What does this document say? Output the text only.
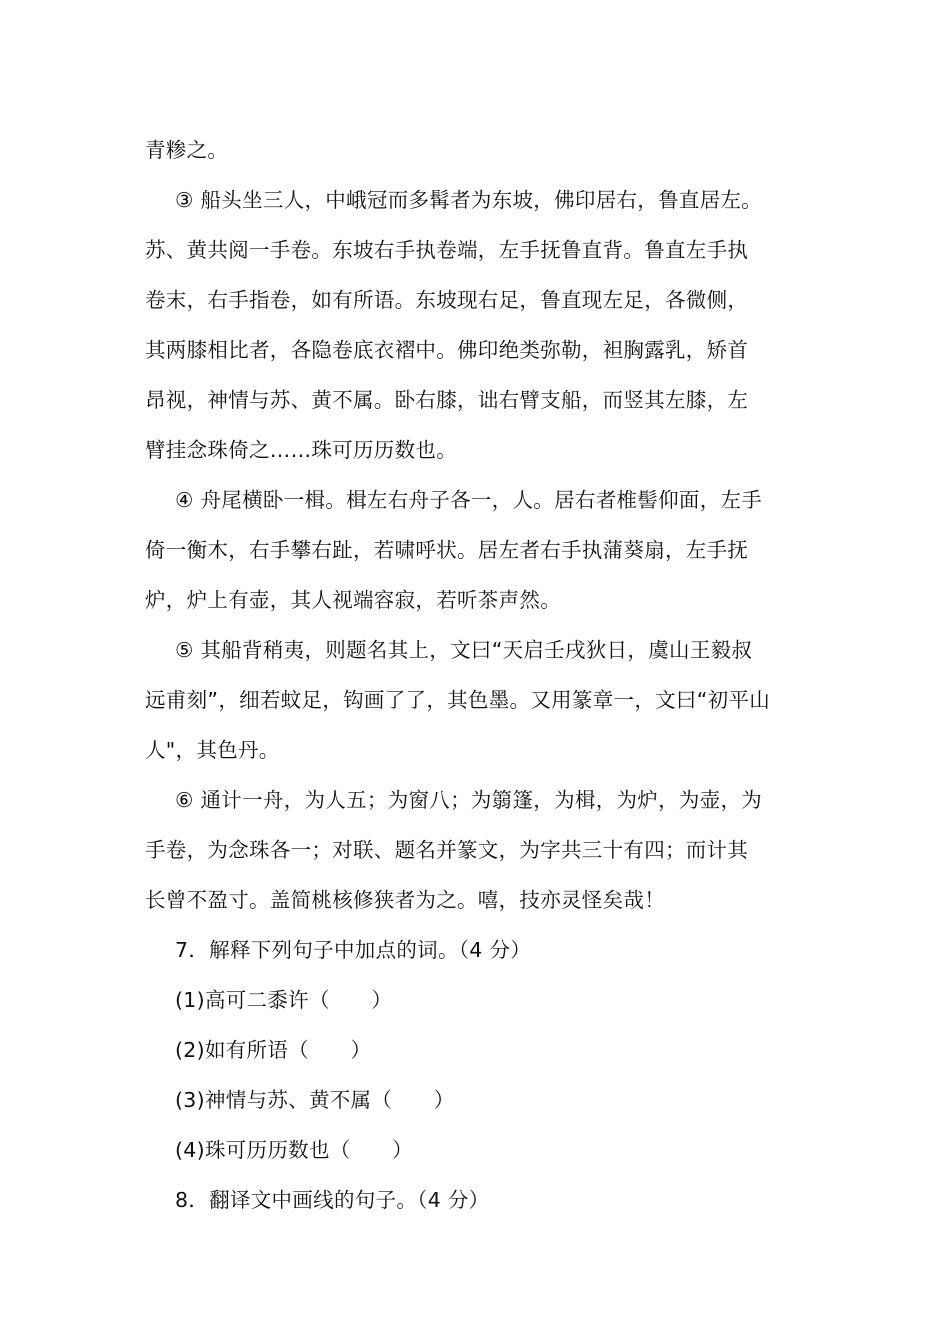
青糁之。
③ 船头坐三人，中峨冠而多髯者为东坡，佛印居右，鲁直居左。
苏、黄共阅一手卷。东坡右手执卷端，左手抚鲁直背。鲁直左手执
卷末，右手指卷，如有所语。东坡现右足，鲁直现左足，各微侧，
其两膝相比者，各隐卷底衣褶中。佛印绝类弥勒，袒胸露乳，矫首
昂视，神情与苏、黄不属。卧右膝，诎右臂支船，而竖其左膝，左
臂挂念珠倚之……珠可历历数也。
④ 舟尾横卧一楫。楫左右舟子各一，人。居右者椎髻仰面，左手
倚一衡木，右手攀右趾，若啸呼状。居左者右手执蒲葵扇，左手抚
炉，炉上有壶，其人视端容寂，若听茶声然。
⑤ 其船背稍夷，则题名其上，文曰“天启壬戌狄日，虞山王毅叔
远甫刻”，细若蚊足，钩画了了，其色墨。又用篆章一，文曰“初平山
人"，其色丹。
⑥ 通计一舟，为人五；为窗八；为篛篷，为楫，为炉，为壶，为
手卷，为念珠各一；对联、题名并篆文，为字共三十有四；而计其
长曾不盈寸。盖简桃核修狭者为之。嘻，技亦灵怪矣哉！
7．解释下列句子中加点的词。（4 分）
(1)高可二黍许（　　）
(2)如有所语（　　）
(3)神情与苏、黄不属（　　）
(4)珠可历历数也（　　）
8．翻译文中画线的句子。（4 分）
